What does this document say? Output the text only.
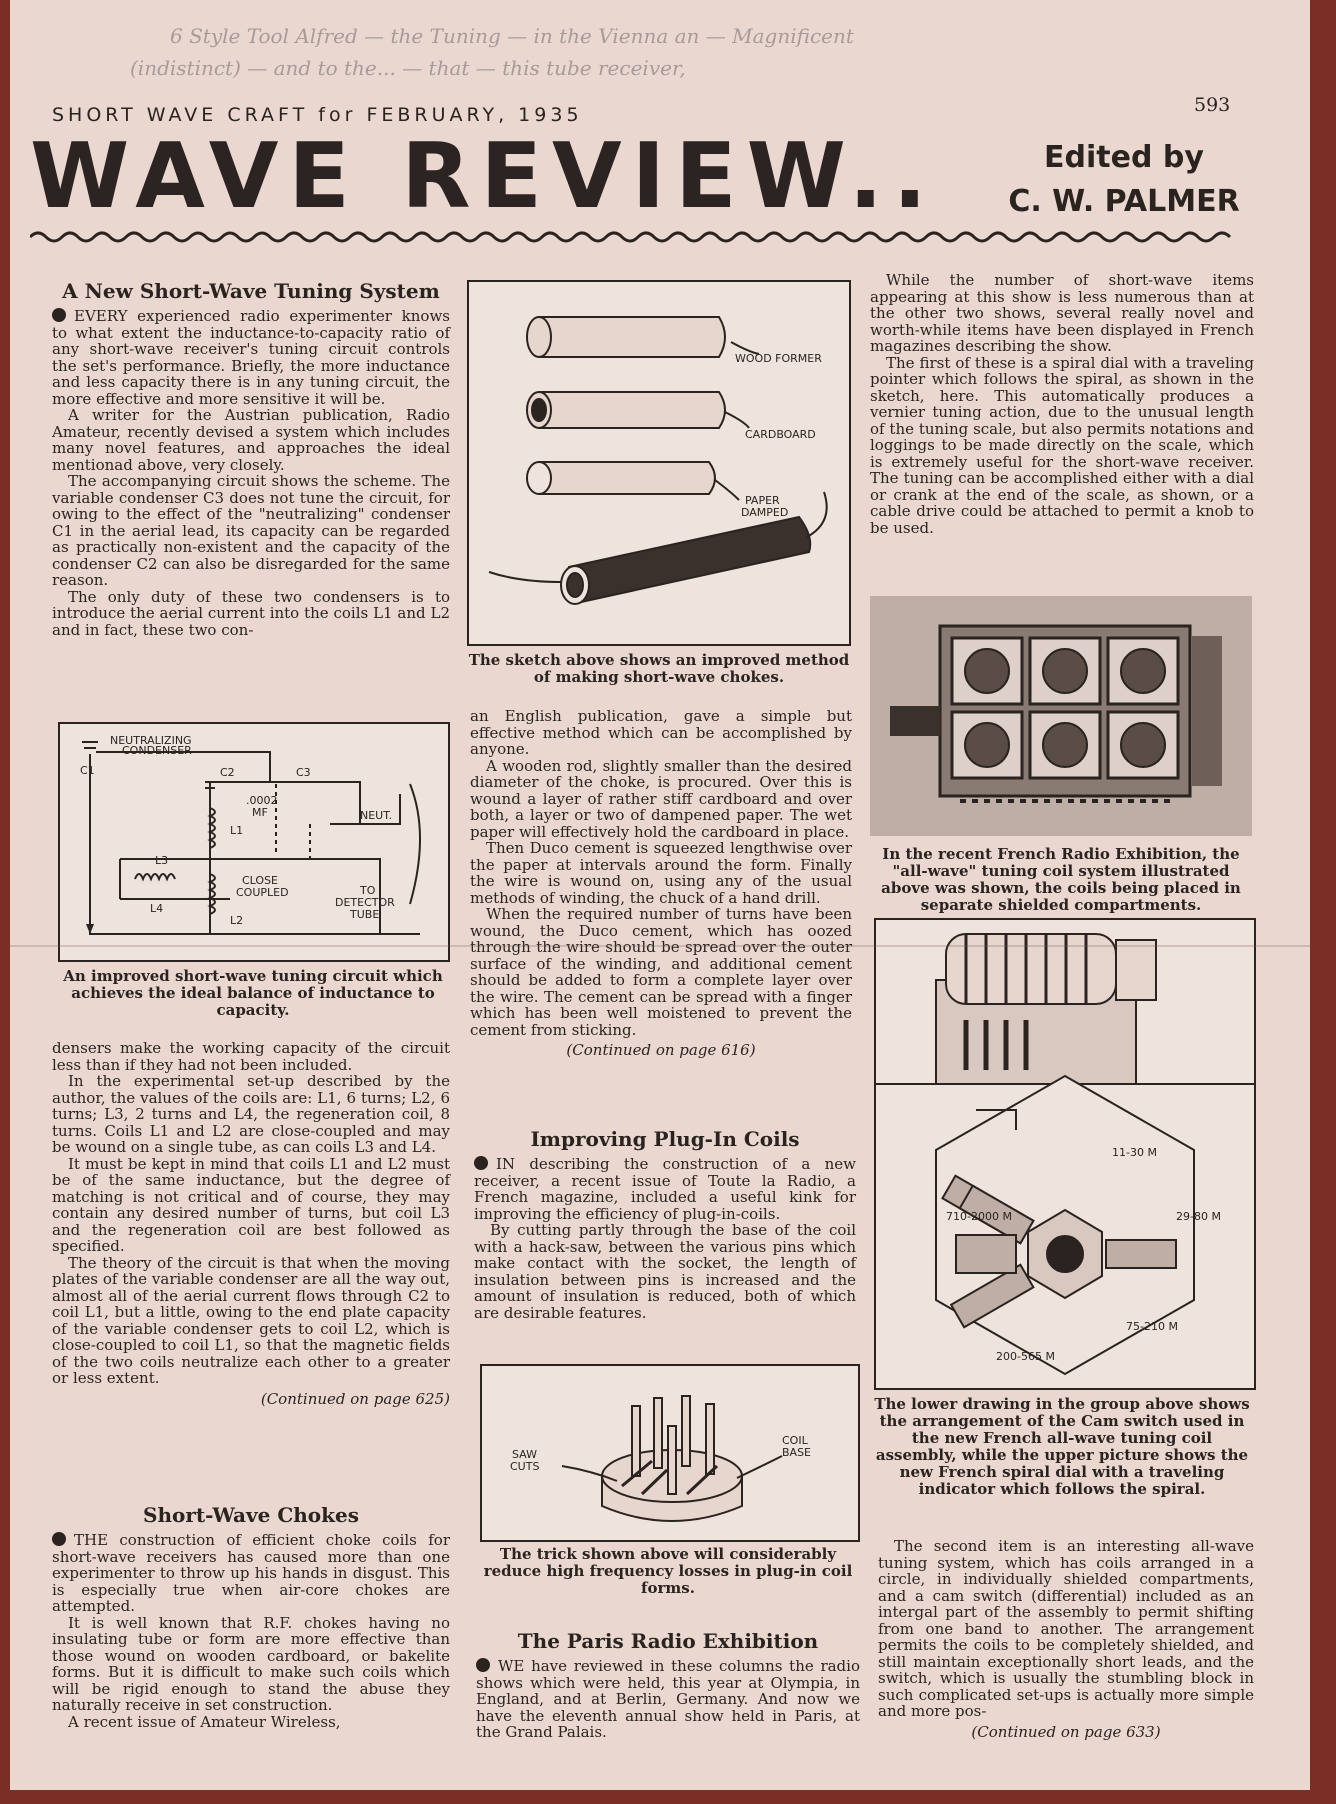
6 Style Tool Alfred — the Tuning — in the Vienna an — Magnificent
(indistinct) — and to the... — that — this tube receiver,
SHORT WAVE CRAFT for FEBRUARY, 1935	593
WAVE REVIEW..	Edited by
C. W. PALMER
A New Short-Wave Tuning System

EVERY experienced radio experimenter knows to what extent the inductance-to-capacity ratio of any short-wave receiver's tuning circuit controls the set's performance. Briefly, the more inductance and less capacity there is in any tuning circuit, the more effective and more sensitive it will be.

A writer for the Austrian publication, Radio Amateur, recently devised a system which includes many novel features, and approaches the ideal mentionad above, very closely.

The accompanying circuit shows the scheme. The variable condenser C3 does not tune the circuit, for owing to the effect of the "neutralizing" condenser C1 in the aerial lead, its capacity can be regarded as practically non-existent and the capacity of the condenser C2 can also be disregarded for the same reason.

The only duty of these two condensers is to introduce the aerial current into the coils L1 and L2 and in fact, these two con-

NEUTRALIZING
CONDENSER
C1	C2	C3
.0002
MF
L1
NEUT.
L3
L4
CLOSE
COUPLED
L2
TO
DETECTOR
TUBE
An improved short-wave tuning circuit which achieves the ideal balance of inductance to capacity.

densers make the working capacity of the circuit less than if they had not been included.

In the experimental set-up described by the author, the values of the coils are: L1, 6 turns; L2, 6 turns; L3, 2 turns and L4, the regeneration coil, 8 turns. Coils L1 and L2 are close-coupled and may be wound on a single tube, as can coils L3 and L4.

It must be kept in mind that coils L1 and L2 must be of the same inductance, but the degree of matching is not critical and of course, they may contain any desired number of turns, but coil L3 and the regeneration coil are best followed as specified.

The theory of the circuit is that when the moving plates of the variable condenser are all the way out, almost all of the aerial current flows through C2 to coil L1, but a little, owing to the end plate capacity of the variable condenser gets to coil L2, which is close-coupled to coil L1, so that the magnetic fields of the two coils neutralize each other to a greater or less extent.

(Continued on page 625)
Short-Wave Chokes

THE construction of efficient choke coils for short-wave receivers has caused more than one experimenter to throw up his hands in disgust. This is especially true when air-core chokes are attempted.

It is well known that R.F. chokes having no insulating tube or form are more effective than those wound on wooden cardboard, or bakelite forms. But it is difficult to make such coils which will be rigid enough to stand the abuse they naturally receive in set construction.

A recent issue of Amateur Wireless,

WOOD FORMER
CARDBOARD
PAPER
DAMPED
The sketch above shows an improved method of making short-wave chokes.

an English publication, gave a simple but effective method which can be accomplished by anyone.

A wooden rod, slightly smaller than the desired diameter of the choke, is procured. Over this is wound a layer of rather stiff cardboard and over both, a layer or two of dampened paper. The wet paper will effectively hold the cardboard in place.

Then Duco cement is squeezed lengthwise over the paper at intervals around the form. Finally the wire is wound on, using any of the usual methods of winding, the chuck of a hand drill.

When the required number of turns have been wound, the Duco cement, which has oozed through the wire should be spread over the outer surface of the winding, and additional cement should be added to form a complete layer over the wire. The cement can be spread with a finger which has been well moistened to prevent the cement from sticking.

(Continued on page 616)
Improving Plug-In Coils

IN describing the construction of a new receiver, a recent issue of Toute la Radio, a French magazine, included a useful kink for improving the efficiency of plug-in-coils.

By cutting partly through the base of the coil with a hack-saw, between the various pins which make contact with the socket, the length of insulation between pins is increased and the amount of insulation is reduced, both of which are desirable features.

SAW
CUTS
COIL
BASE
The trick shown above will considerably reduce high frequency losses in plug-in coil forms.
The Paris Radio Exhibition

WE have reviewed in these columns the radio shows which were held, this year at Olympia, in England, and at Berlin, Germany. And now we have the eleventh annual show held in Paris, at the Grand Palais.

While the number of short-wave items appearing at this show is less numerous than at the other two shows, several really novel and worth-while items have been displayed in French magazines describing the show.

The first of these is a spiral dial with a traveling pointer which follows the spiral, as shown in the sketch, here. This automatically produces a vernier tuning action, due to the unusual length of the tuning scale, but also permits notations and loggings to be made directly on the scale, which is extremely useful for the short-wave receiver. The tuning can be accomplished either with a dial or crank at the end of the scale, as shown, or a cable drive could be attached to permit a knob to be used.

In the recent French Radio Exhibition, the "all-wave" tuning coil system illustrated above was shown, the coils being placed in separate shielded compartments.
11-30 M
29-80 M
75-210 M
200-565 M
710-2000 M
The lower drawing in the group above shows the arrangement of the Cam switch used in the new French all-wave tuning coil assembly, while the upper picture shows the new French spiral dial with a traveling indicator which follows the spiral.

The second item is an interesting all-wave tuning system, which has coils arranged in a circle, in individually shielded compartments, and a cam switch (differential) included as an intergal part of the assembly to permit shifting from one band to another. The arrangement permits the coils to be completely shielded, and still maintain exceptionally short leads, and the switch, which is usually the stumbling block in such complicated set-ups is actually more simple and more pos-

(Continued on page 633)
